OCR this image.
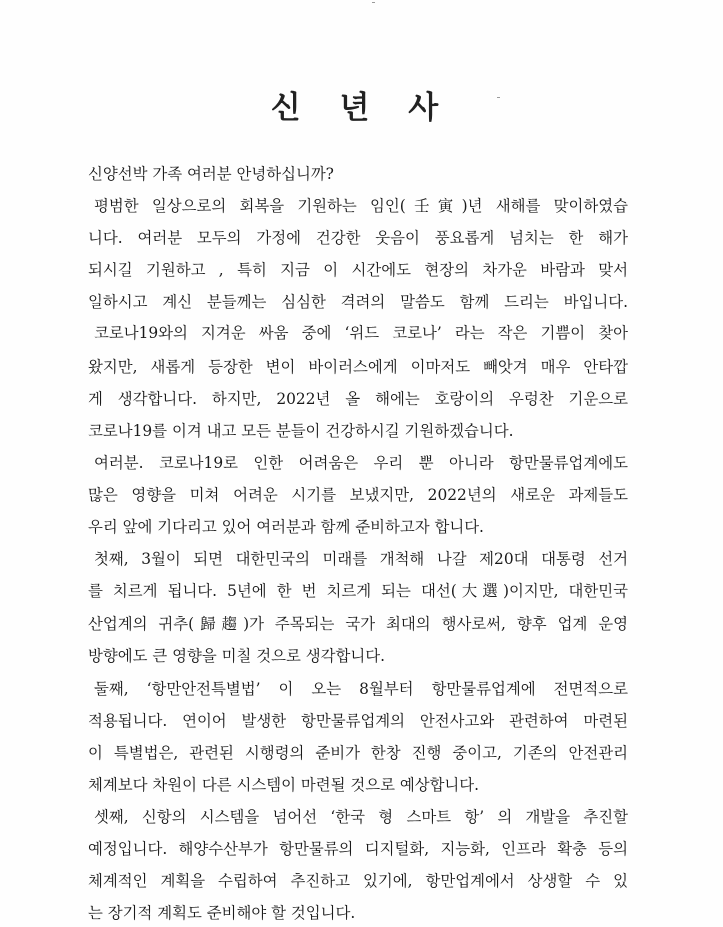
신 년 사
신양선박 가족 여러분 안녕하십니까?
평범한 일상으로의 회복을 기원하는 임인(壬寅)년 새해를 맞이하였습
니다. 여러분 모두의 가정에 건강한 웃음이 풍요롭게 넘치는 한 해가
되시길 기원하고 , 특히 지금 이 시간에도 현장의 차가운 바람과 맞서
일하시고 계신 분들께는 심심한 격려의 말씀도 함께 드리는 바입니다.
코로나19와의 지겨운 싸움 중에 ‘위드 코로나’ 라는 작은 기쁨이 찾아
왔지만, 새롭게 등장한 변이 바이러스에게 이마저도 빼앗겨 매우 안타깝
게 생각합니다. 하지만, 2022년 올 해에는 호랑이의 우렁찬 기운으로
코로나19를 이겨 내고 모든 분들이 건강하시길 기원하겠습니다.
여러분. 코로나19로 인한 어려움은 우리 뿐 아니라 항만물류업계에도
많은 영향을 미쳐 어려운 시기를 보냈지만, 2022년의 새로운 과제들도
우리 앞에 기다리고 있어 여러분과 함께 준비하고자 합니다.
첫째, 3월이 되면 대한민국의 미래를 개척해 나갈 제20대 대통령 선거
를 치르게 됩니다. 5년에 한 번 치르게 되는 대선(大選)이지만, 대한민국
산업계의 귀추(歸趨)가 주목되는 국가 최대의 행사로써, 향후 업계 운영
방향에도 큰 영향을 미칠 것으로 생각합니다.
둘째, ‘항만안전특별법’ 이 오는 8월부터 항만물류업계에 전면적으로
적용됩니다. 연이어 발생한 항만물류업계의 안전사고와 관련하여 마련된
이 특별법은, 관련된 시행령의 준비가 한창 진행 중이고, 기존의 안전관리
체계보다 차원이 다른 시스템이 마련될 것으로 예상합니다.
셋째, 신항의 시스템을 넘어선 ‘한국 형 스마트 항’ 의 개발을 추진할
예정입니다. 해양수산부가 항만물류의 디지털화, 지능화, 인프라 확충 등의
체계적인 계획을 수립하여 추진하고 있기에, 항만업계에서 상생할 수 있
는 장기적 계획도 준비해야 할 것입니다.
